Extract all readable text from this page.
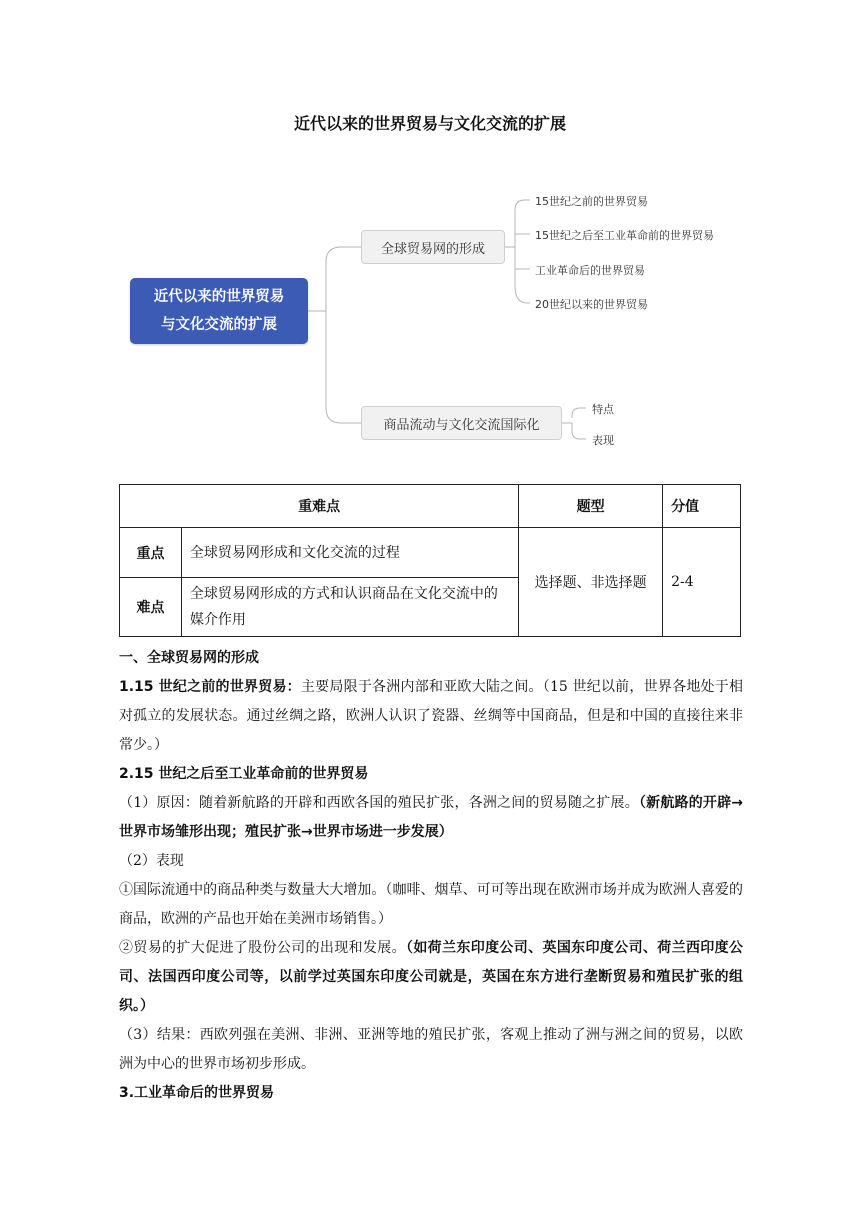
近代以来的世界贸易与文化交流的扩展
近代以来的世界贸易
与文化交流的扩展
全球贸易网的形成
15世纪之前的世界贸易
15世纪之后至工业革命前的世界贸易
工业革命后的世界贸易
20世纪以来的世界贸易
商品流动与文化交流国际化
特点
表现
重难点		题型	分值
重点	全球贸易网形成和文化交流的过程	选择题、非选择题	2-4
难点	全球贸易网形成的方式和认识商品在文化交流中的媒介作用		

一、全球贸易网的形成

1.15 世纪之前的世界贸易：主要局限于各洲内部和亚欧大陆之间。（15 世纪以前，世界各地处于相对孤立的发展状态。通过丝绸之路，欧洲人认识了瓷器、丝绸等中国商品，但是和中国的直接往来非常少。）

2.15 世纪之后至工业革命前的世界贸易

（1）原因：随着新航路的开辟和西欧各国的殖民扩张，各洲之间的贸易随之扩展。（新航路的开辟→世界市场雏形出现；殖民扩张→世界市场进一步发展）

（2）表现

①国际流通中的商品种类与数量大大增加。（咖啡、烟草、可可等出现在欧洲市场并成为欧洲人喜爱的商品，欧洲的产品也开始在美洲市场销售。）

②贸易的扩大促进了股份公司的出现和发展。（如荷兰东印度公司、英国东印度公司、荷兰西印度公司、法国西印度公司等，以前学过英国东印度公司就是，英国在东方进行垄断贸易和殖民扩张的组织。）

（3）结果：西欧列强在美洲、非洲、亚洲等地的殖民扩张，客观上推动了洲与洲之间的贸易，以欧洲为中心的世界市场初步形成。

3.工业革命后的世界贸易
